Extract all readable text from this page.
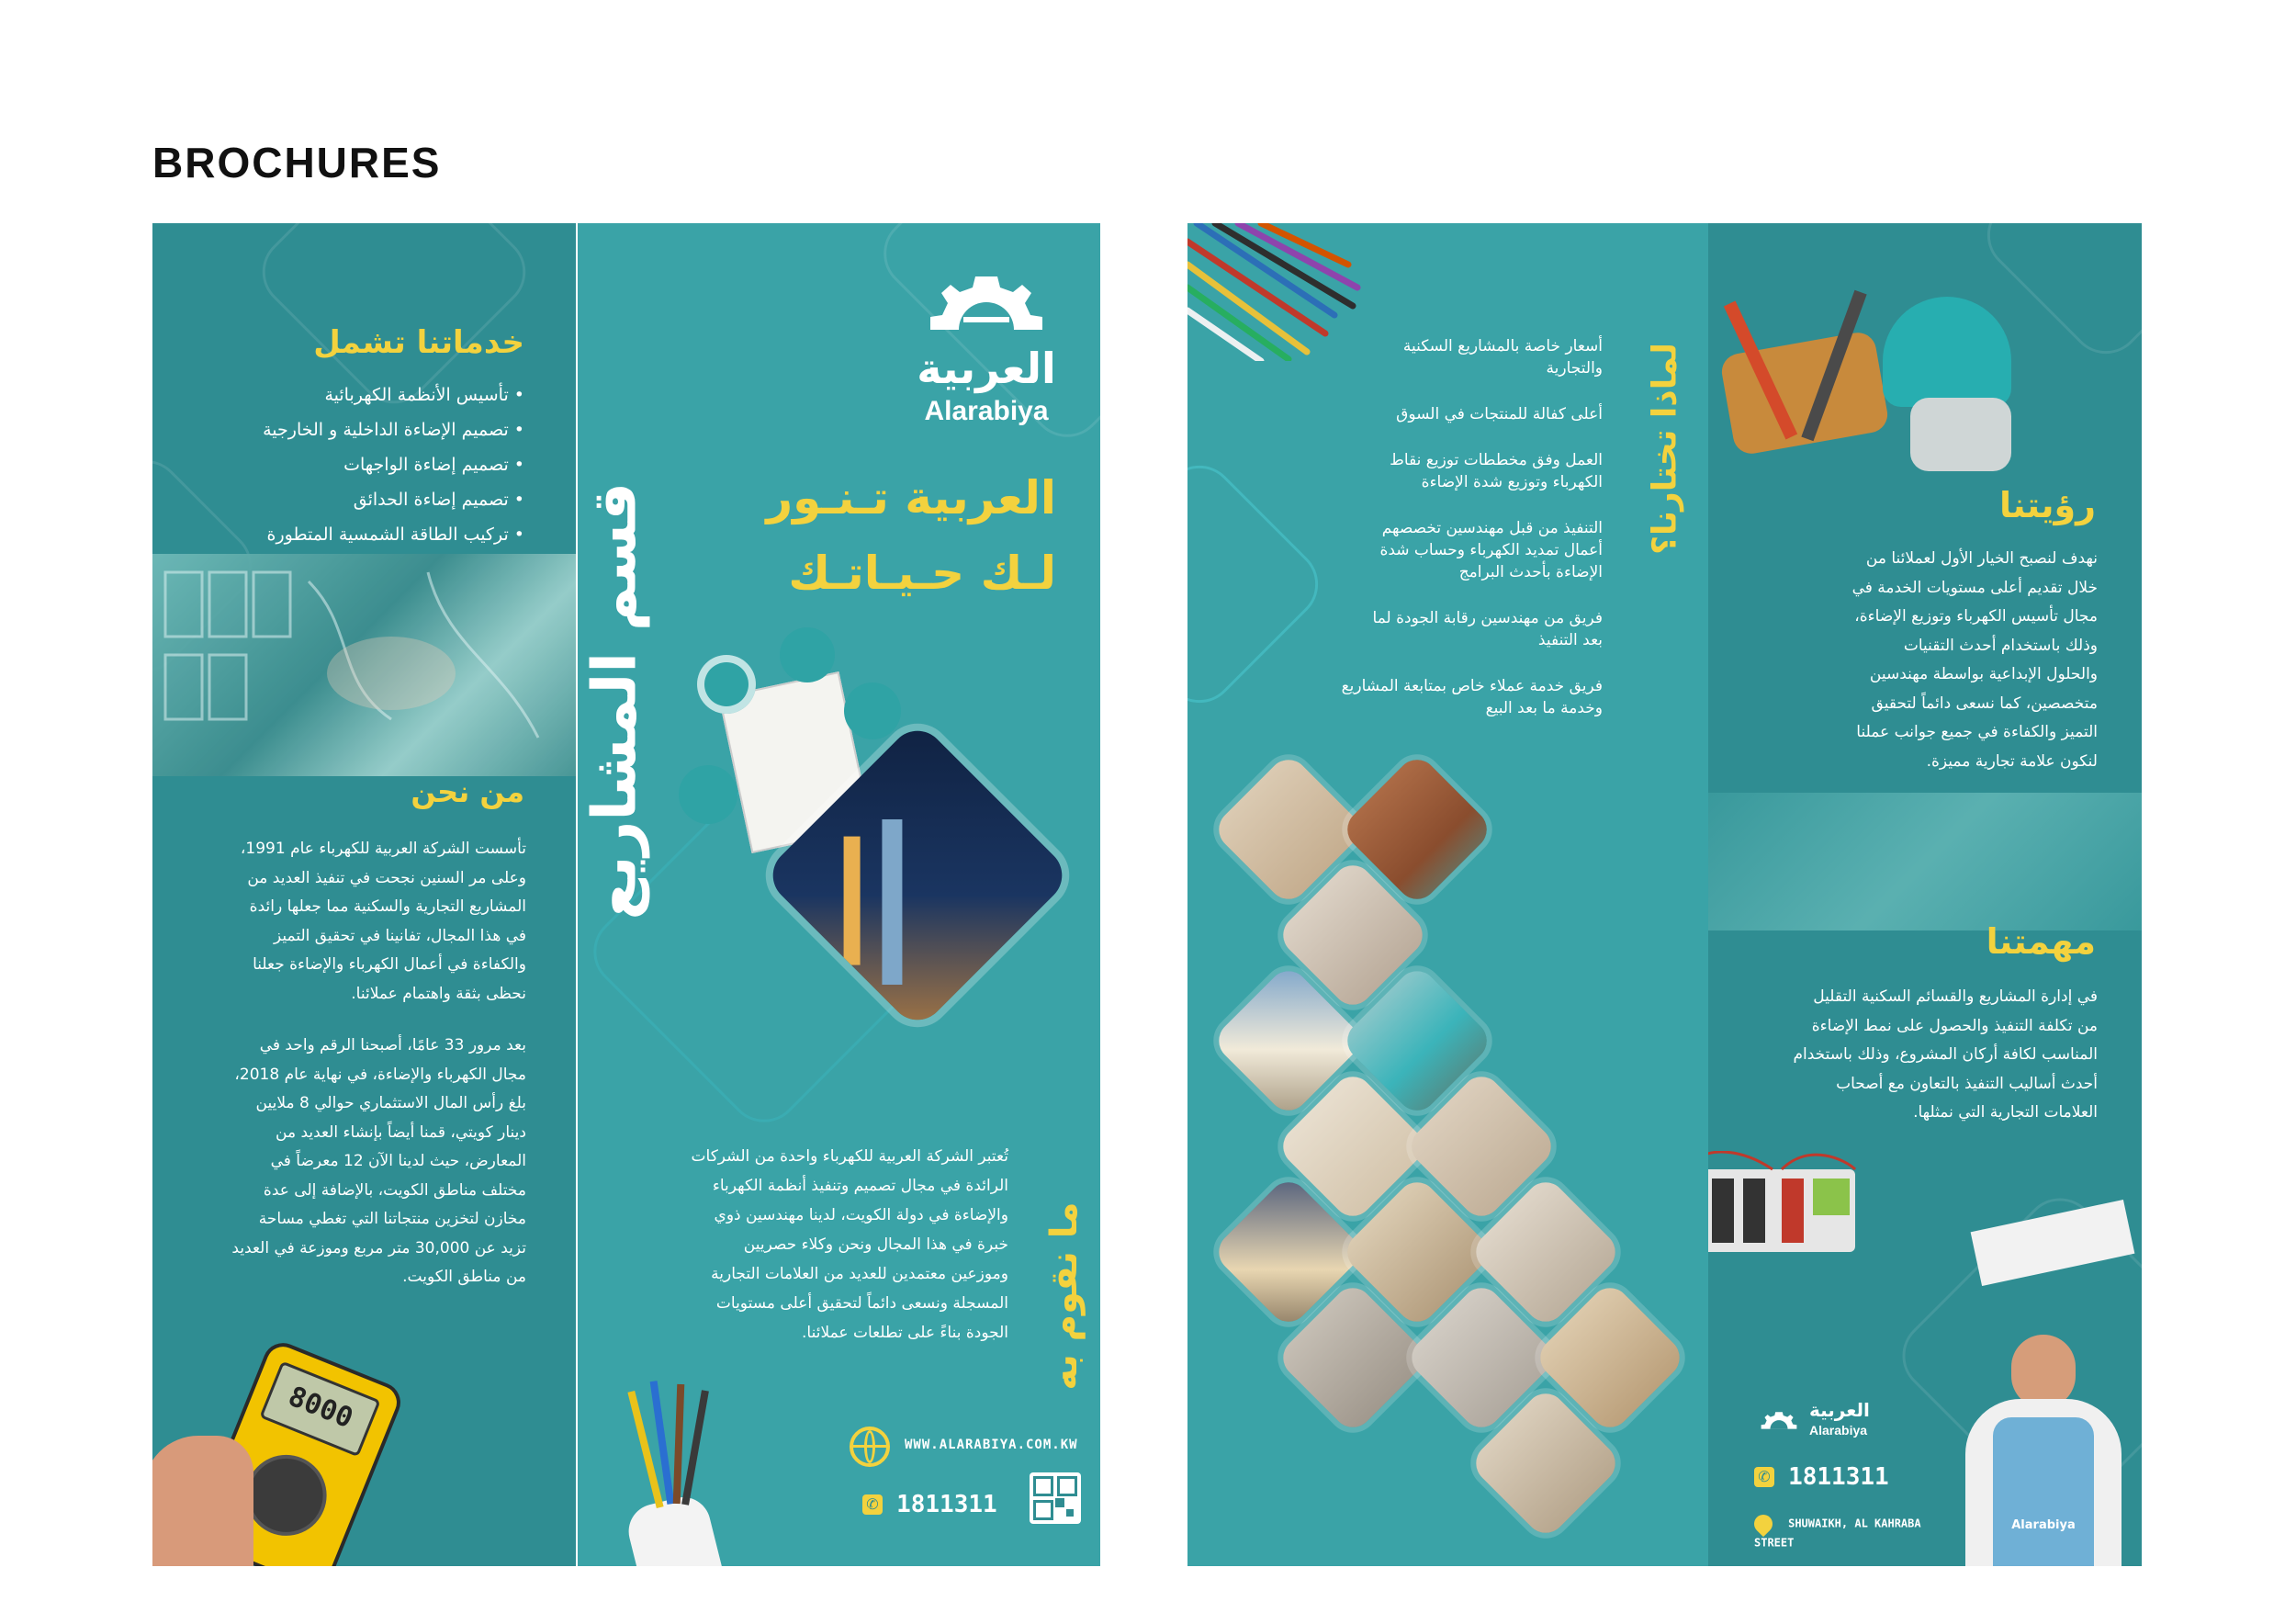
BROCHURES
خدماتنا تشمل
• تأسيس الأنظمة الكهربائية
• تصميم الإضاءة الداخلية و الخارجية
• تصميم إضاءة الواجهات
• تصميم إضاءة الحدائق
• تركيب الطاقة الشمسية المتطورة
من نحن
تأسست الشركة العربية للكهرباء عام 1991،
وعلى مر السنين نجحت في تنفيذ العديد من
المشاريع التجارية والسكنية مما جعلها رائدة
في هذا المجال، تفانينا في تحقيق التميز
والكفاءة في أعمال الكهرباء والإضاءة جعلنا
نحظى بثقة واهتمام عملائنا.
بعد مرور 33 عامًا، أصبحنا الرقم واحد في
مجال الكهرباء والإضاءة، في نهاية عام 2018،
بلغ رأس المال الاستثماري حوالي 8 ملايين
دينار كويتي، قمنا أيضاً بإنشاء العديد من
المعارض، حيث لدينا الآن 12 معرضاً في
مختلف مناطق الكويت، بالإضافة إلى عدة
مخازن لتخزين منتجاتنا التي تغطي مساحة
تزيد عن 30,000 متر مربع وموزعة في العديد
من مناطق الكويت.
8000
العربية
Alarabiya
قسم المشاريع	العربية تـنـور
لـك حـيـاتـك
ما نقوم به
تُعتبر الشركة العربية للكهرباء واحدة من الشركات
الرائدة في مجال تصميم وتنفيذ أنظمة الكهرباء
والإضاءة في دولة الكويت، لدينا مهندسين ذوي
خبرة في هذا المجال ونحن وكلاء حصريين
وموزعين معتمدين للعديد من العلامات التجارية
المسجلة ونسعى دائماً لتحقيق أعلى مستويات
الجودة بناءً على تطلعات عملائنا.
WWW.ALARABIYA.COM.KW
✆ 1811311
لماذا تختارنا؟
أسعار خاصة بالمشاريع السكنية
والتجارية
أعلى كفالة للمنتجات في السوق
العمل وفق مخططات توزيع نقاط
الكهرباء وتوزيع شدة الإضاءة
التنفيذ من قبل مهندسين تخصصهم
أعمال تمديد الكهرباء وحساب شدة
الإضاءة بأحدث البرامج
فريق من مهندسين رقابة الجودة لما
بعد التنفيذ
فريق خدمة عملاء خاص بمتابعة المشاريع
وخدمة ما بعد البيع
رؤيتنا
نهدف لنصبح الخيار الأول لعملائنا من
خلال تقديم أعلى مستويات الخدمة في
مجال تأسيس الكهرباء وتوزيع الإضاءة،
وذلك باستخدام أحدث التقنيات
والحلول الإبداعية بواسطة مهندسين
متخصصين، كما نسعى دائماً لتحقيق
التميز والكفاءة في جميع جوانب عملنا
لنكون علامة تجارية مميزة.
مهمتنا
في إدارة المشاريع والقسائم السكنية التقليل
من تكلفة التنفيذ والحصول على نمط الإضاءة
المناسب لكافة أركان المشروع، وذلك باستخدام
أحدث أساليب التنفيذ بالتعاون مع أصحاب
العلامات التجارية التي نمثلها.
Alarabiya
العربية
Alarabiya
✆ 1811311
SHUWAIKH, AL KAHRABA STREET
